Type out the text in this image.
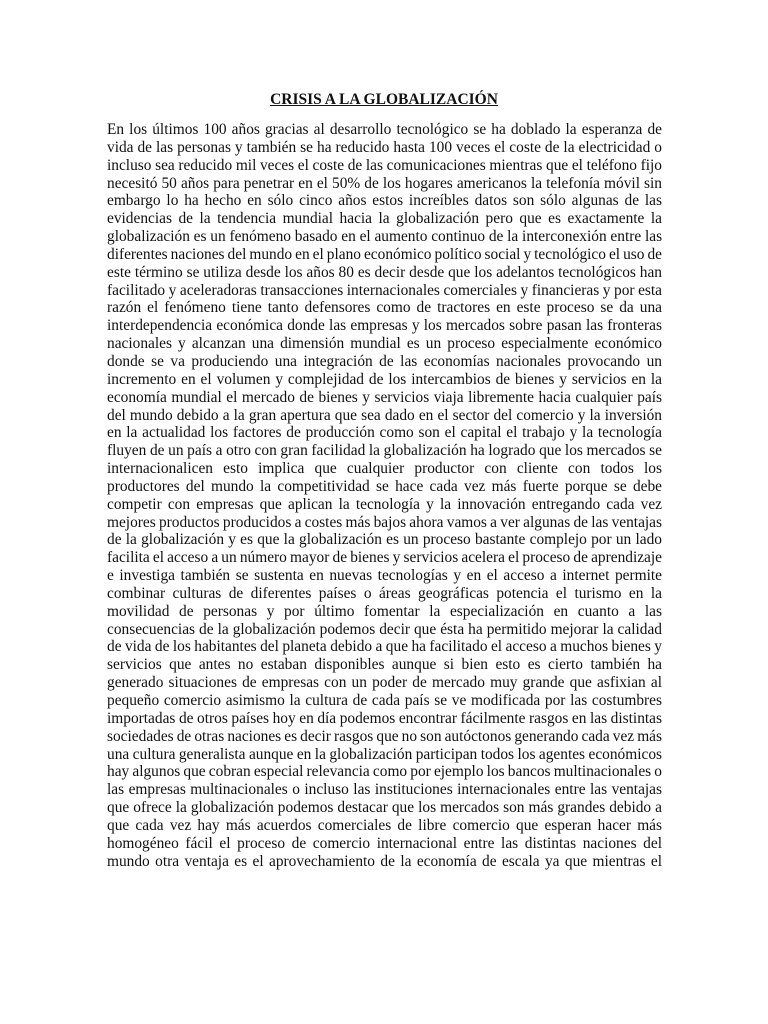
CRISIS A LA GLOBALIZACIÓN
En los últimos 100 años gracias al desarrollo tecnológico se ha doblado la esperanza de
vida de las personas y también se ha reducido hasta 100 veces el coste de la electricidad o
incluso sea reducido mil veces el coste de las comunicaciones mientras que el teléfono fijo
necesitó 50 años para penetrar en el 50% de los hogares americanos la telefonía móvil sin
embargo lo ha hecho en sólo cinco años estos increíbles datos son sólo algunas de las
evidencias de la tendencia mundial hacia la globalización pero que es exactamente la
globalización es un fenómeno basado en el aumento continuo de la interconexión entre las
diferentes naciones del mundo en el plano económico político social y tecnológico el uso de
este término se utiliza desde los años 80 es decir desde que los adelantos tecnológicos han
facilitado y aceleradoras transacciones internacionales comerciales y financieras y por esta
razón el fenómeno tiene tanto defensores como de tractores en este proceso se da una
interdependencia económica donde las empresas y los mercados sobre pasan las fronteras
nacionales y alcanzan una dimensión mundial es un proceso especialmente económico
donde se va produciendo una integración de las economías nacionales provocando un
incremento en el volumen y complejidad de los intercambios de bienes y servicios en la
economía mundial el mercado de bienes y servicios viaja libremente hacia cualquier país
del mundo debido a la gran apertura que sea dado en el sector del comercio y la inversión
en la actualidad los factores de producción como son el capital el trabajo y la tecnología
fluyen de un país a otro con gran facilidad la globalización ha logrado que los mercados se
internacionalicen esto implica que cualquier productor con cliente con todos los
productores del mundo la competitividad se hace cada vez más fuerte porque se debe
competir con empresas que aplican la tecnología y la innovación entregando cada vez
mejores productos producidos a costes más bajos ahora vamos a ver algunas de las ventajas
de la globalización y es que la globalización es un proceso bastante complejo por un lado
facilita el acceso a un número mayor de bienes y servicios acelera el proceso de aprendizaje
e investiga también se sustenta en nuevas tecnologías y en el acceso a internet permite
combinar culturas de diferentes países o áreas geográficas potencia el turismo en la
movilidad de personas y por último fomentar la especialización en cuanto a las
consecuencias de la globalización podemos decir que ésta ha permitido mejorar la calidad
de vida de los habitantes del planeta debido a que ha facilitado el acceso a muchos bienes y
servicios que antes no estaban disponibles aunque si bien esto es cierto también ha
generado situaciones de empresas con un poder de mercado muy grande que asfixian al
pequeño comercio asimismo la cultura de cada país se ve modificada por las costumbres
importadas de otros países hoy en día podemos encontrar fácilmente rasgos en las distintas
sociedades de otras naciones es decir rasgos que no son autóctonos generando cada vez más
una cultura generalista aunque en la globalización participan todos los agentes económicos
hay algunos que cobran especial relevancia como por ejemplo los bancos multinacionales o
las empresas multinacionales o incluso las instituciones internacionales entre las ventajas
que ofrece la globalización podemos destacar que los mercados son más grandes debido a
que cada vez hay más acuerdos comerciales de libre comercio que esperan hacer más
homogéneo fácil el proceso de comercio internacional entre las distintas naciones del
mundo otra ventaja es el aprovechamiento de la economía de escala ya que mientras el
